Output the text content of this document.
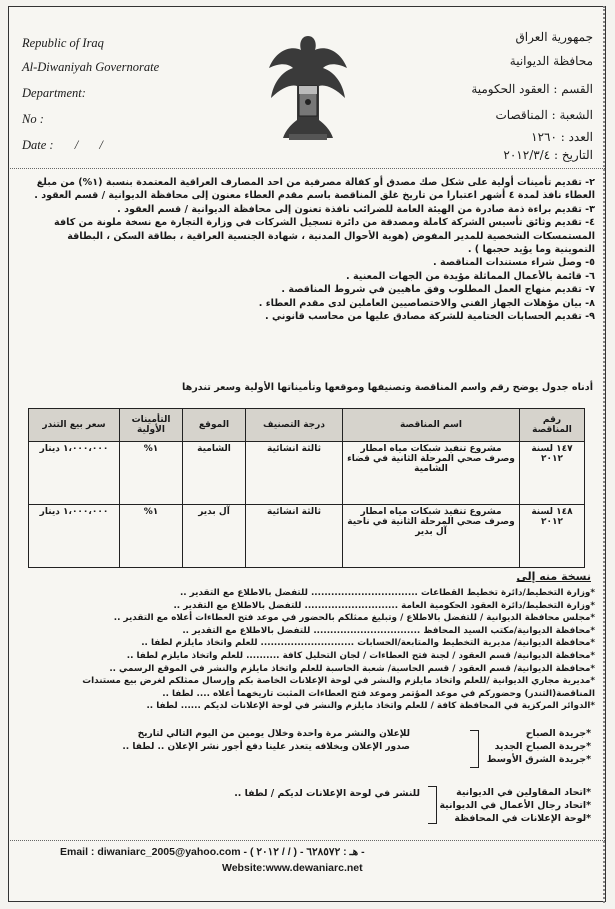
Republic of Iraq
Al-Diwaniyah Governorate
Department:
No :
Date : / /
جمهورية العراق
محافظة الديوانية
القسم : العقود الحكومية
الشعبة : المناقصات
العدد : ١٢٦٠
التاريخ : ٢٠١٢/٣/٤

٢- تقديم تأمينات أولية على شكل صك مصدق أو كفالة مصرفية من احد المصارف العراقية المعتمدة بنسبة (١%) من مبلغ العطاء نافذ لمدة ٤ أشهر اعتبارا من تاريخ غلق المناقصة باسم مقدم العطاء معنون إلى محافظة الديوانية / قسم العقود .

٣- تقديم براءة ذمة صادرة من الهيئة العامة للضرائب نافذة تعنون إلى محافظة الديوانية / قسم العقود .

٤- تقديم وثائق تأسيس الشركة كاملة ومصدقة من دائرة تسجيل الشركات في وزارة التجارة مع نسخة ملونة من كافة المستمسكات الشخصية للمدير المفوض (هوية الأحوال المدنية ، شهادة الجنسية العراقية ، بطاقة السكن ، البطاقة التموينية وما يؤيد حجبها ) .

٥- وصل شراء مستندات المناقصة .

٦- قائمة بالأعمال المماثلة مؤيدة من الجهات المعنية .

٧- تقديم منهاج العمل المطلوب وفق ماهيين في شروط المناقصة .

٨- بيان مؤهلات الجهاز الفني والاختصاصيين العاملين لدى مقدم العطاء .

٩- تقديم الحسابات الختامية للشركة مصادق عليها من محاسب قانوني .

أدناه جدول يوضح رقم واسم المناقصة وتصنيفها وموقعها وتأميناتها الأولية وسعر تندرها
رقم المناقصة	اسم المناقصة	درجة التصنيف	الموقع	التأمينات الأولية	سعر بيع التندر
١٤٧ لسنة ٢٠١٢	مشروع تنفيذ شبكات مياه امطار وصرف صحي المرحلة الثانية في قضاء الشامية	ثالثة انشائية	الشامية	١%	١،٠٠٠،٠٠٠ دينار
١٤٨ لسنة ٢٠١٢	مشروع تنفيذ شبكات مياه امطار وصرف صحي المرحلة الثانية في ناحية آل بدير	ثالثة انشائية	آل بدير	١%	١،٠٠٠،٠٠٠ دينار
نسخة منه إلى
*وزارة التخطيط/دائرة تخطيط القطاعات ................................ للتفضل بالاطلاع مع التقدير ..
*وزارة التخطيط/دائرة العقود الحكومية العامة ............................ للتفضل بالاطلاع مع التقدير ..
*مجلس محافظة الديوانية / للتفضل بالاطلاع / وتبليغ ممثلكم بالحضور في موعد فتح العطاءات أعلاه مع التقدير ..
*محافظة الديوانية/مكتب السيد المحافظ ................................ للتفضل بالاطلاع مع التقدير ..
*محافظة الديوانية/ مديرية التخطيط والمتابعة/الحسابات ............................ للعلم واتخاذ مايلزم لطفا ..
*محافظة الديوانية/ قسم العقود / لجنة فتح العطاءات / لجان التحليل كافة .......... للعلم واتخاذ مايلزم لطفا ..
*محافظة الديوانية/ قسم العقود / قسم الحاسبة/ شعبة الحاسبة للعلم واتخاذ مايلزم والنشر في الموقع الرسمي ..
*مديرية مجاري الديوانية /للعلم واتخاذ مايلزم والنشر في لوحة الإعلانات الخاصة بكم وإرسال ممثلكم لغرض بيع مستندات المناقصة(التندر) وحضوركم في موعد المؤتمر وموعد فتح العطاءات المثبت تاريخهما أعلاه .... لطفا ..
*الدوائر المركزية في المحافظة كافة / للعلم واتخاذ مايلزم والنشر في لوحة الإعلانات لديكم ...... لطفا ..
*جريدة الصباح
*جريدة الصباح الجديد
*جريدة الشرق الأوسط
للإعلان والنشر مرة واحدة وخلال يومين من اليوم التالي لتاريخ صدور الإعلان وبخلافه يتعذر علينا دفع أجور نشر الإعلان .. لطفا ..
*اتحاد المقاولين في الديوانية
*اتحاد رجال الأعمال في الديوانية
*لوحة الإعلانات في المحافظة
للنشر في لوحة الإعلانات لديكم / لطفا ..
Email : diwaniarc_2005@yahoo.com - ( ٢٠١٢ / / ) - هـ : ٦٢٨٥٧٢ -
Website:www.dewaniarc.net
